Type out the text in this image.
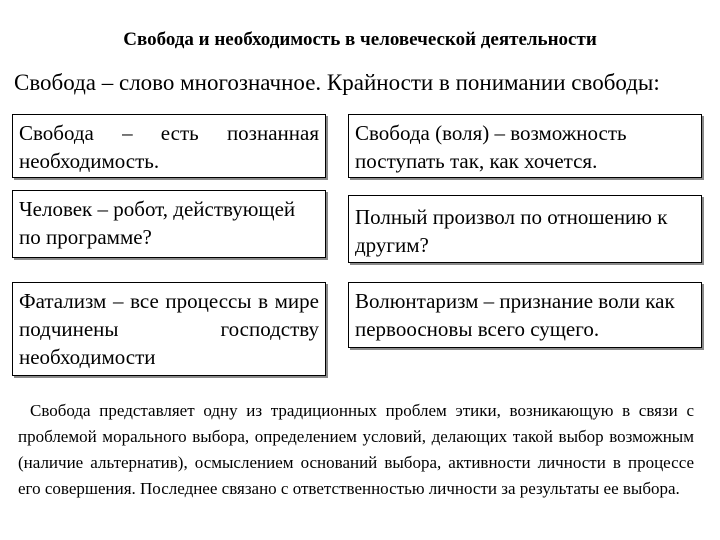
Свобода и необходимость в человеческой деятельности
Свобода – слово многозначное. Крайности в понимании свободы:
Свобода – есть познанная необходимость.
Свобода (воля) – возможность поступать так, как хочется.
Человек – робот, действующей по программе?
Полный произвол по отношению к другим?
Фатализм – все процессы в мире подчинены господству необходимости
Волюнтаризм – признание воли как первоосновы всего сущего.
Свобода представляет одну из традиционных проблем этики, возникающую в связи с проблемой морального выбора, определением условий, делающих такой выбор возможным (наличие альтернатив), осмыслением оснований выбора, активности личности в процессе его совершения. Последнее связано с ответственностью личности за результаты ее выбора.
